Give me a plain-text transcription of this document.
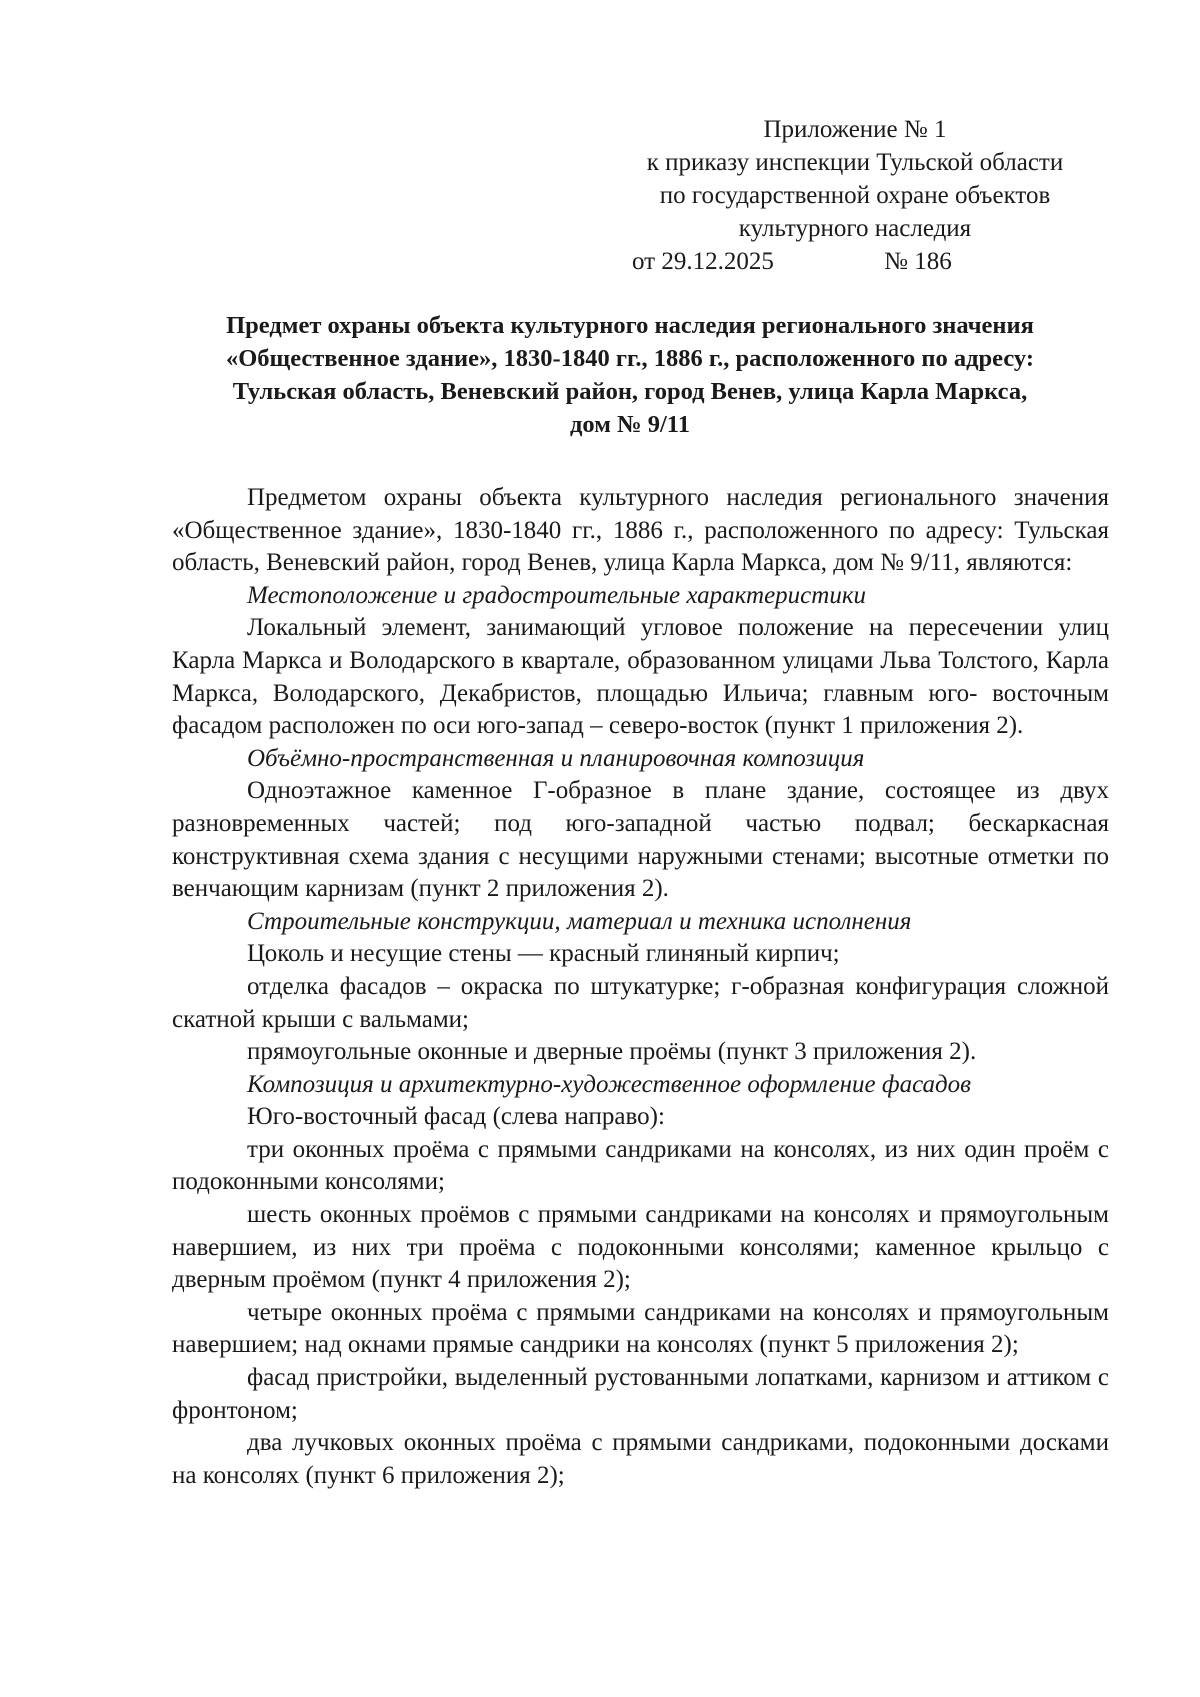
Приложение № 1
к приказу инспекции Тульской области
по государственной охране объектов
культурного наследия
от 29.12.2025	№ 186
Предмет охраны объекта культурного наследия регионального значения
«Общественное здание», 1830-1840 гг., 1886 г., расположенного по адресу:
Тульская область, Веневский район, город Венев, улица Карла Маркса,
дом № 9/11

Предметом охраны объекта культурного наследия регионального значения «Общественное здание», 1830-1840 гг., 1886 г., расположенного по адресу: Тульская область, Веневский район, город Венев, улица Карла Маркса, дом № 9/11, являются:

Местоположение и градостроительные характеристики

Локальный элемент, занимающий угловое положение на пересечении улиц Карла Маркса и Володарского в квартале, образованном улицами Льва Толстого, Карла Маркса, Володарского, Декабристов, площадью Ильича; главным юго- восточным фасадом расположен по оси юго-запад – северо-восток (пункт 1 приложения 2).

Объёмно-пространственная и планировочная композиция

Одноэтажное каменное Г-образное в плане здание, состоящее из двух разновременных частей; под юго-западной частью подвал; бескаркасная конструктивная схема здания с несущими наружными стенами; высотные отметки по венчающим карнизам (пункт 2 приложения 2).

Строительные конструкции, материал и техника исполнения

Цоколь и несущие стены — красный глиняный кирпич;

отделка фасадов – окраска по штукатурке; г-образная конфигурация сложной скатной крыши с вальмами;

прямоугольные оконные и дверные проёмы (пункт 3 приложения 2).

Композиция и архитектурно-художественное оформление фасадов

Юго-восточный фасад (слева направо):

три оконных проёма с прямыми сандриками на консолях, из них один проём с подоконными консолями;

шесть оконных проёмов с прямыми сандриками на консолях и прямоугольным навершием, из них три проёма с подоконными консолями; каменное крыльцо с дверным проёмом (пункт 4 приложения 2);

четыре оконных проёма с прямыми сандриками на консолях и прямоугольным навершием; над окнами прямые сандрики на консолях (пункт 5 приложения 2);

фасад пристройки, выделенный рустованными лопатками, карнизом и аттиком с фронтоном;

два лучковых оконных проёма с прямыми сандриками, подоконными досками на консолях (пункт 6 приложения 2);
